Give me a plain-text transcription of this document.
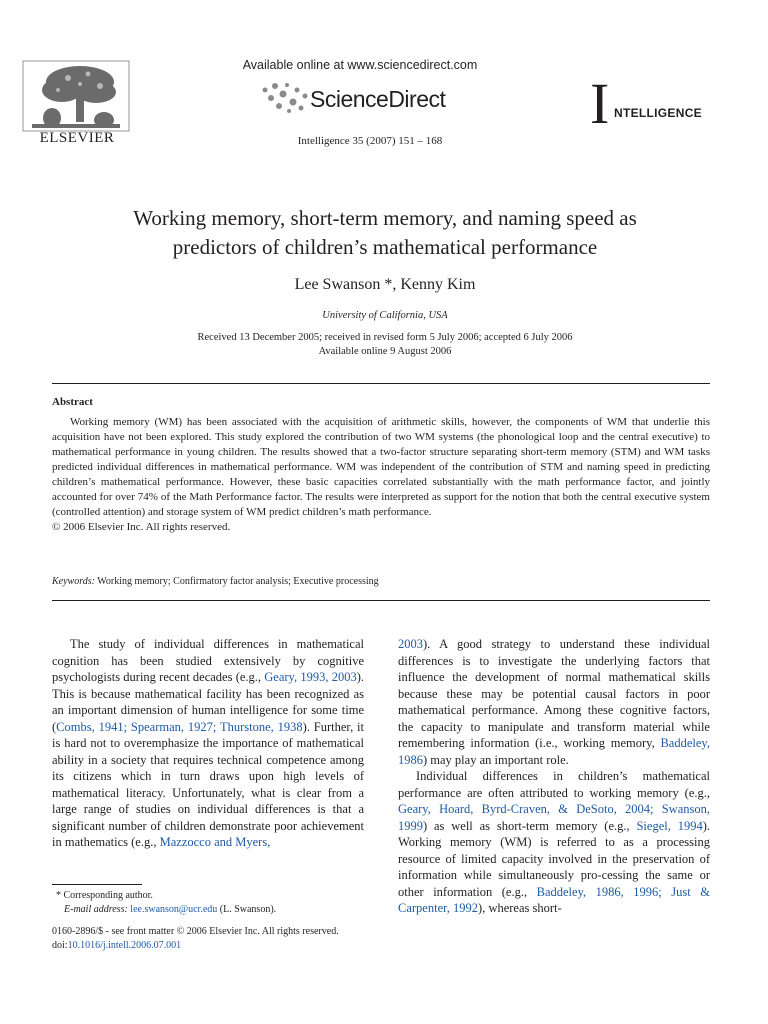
ELSEVIER
Available online at www.sciencedirect.com
ScienceDirect
Intelligence 35 (2007) 151 – 168
I NTELLIGENCE
Working memory, short-term memory, and naming speed as
predictors of children’s mathematical performance
Lee Swanson *, Kenny Kim
University of California, USA
Received 13 December 2005; received in revised form 5 July 2006; accepted 6 July 2006
Available online 9 August 2006
Abstract

Working memory (WM) has been associated with the acquisition of arithmetic skills, however, the components of WM that underlie this acquisition have not been explored. This study explored the contribution of two WM systems (the phonological loop and the central executive) to mathematical performance in young children. The results showed that a two-factor structure separating short-term memory (STM) and WM tasks predicted individual differences in mathematical performance. WM was independent of the contribution of STM and naming speed in predicting children’s mathematical performance. However, these basic capacities correlated substantially with the math performance factor, and jointly accounted for over 74% of the Math Performance factor. The results were interpreted as support for the notion that both the central executive system (controlled attention) and storage system of WM predict children’s math performance.

© 2006 Elsevier Inc. All rights reserved.

Keywords: Working memory; Confirmatory factor analysis; Executive processing

The study of individual differences in mathematical cognition has been studied extensively by cognitive psychologists during recent decades (e.g., Geary, 1993, 2003). This is because mathematical facility has been recognized as an important dimension of human intelligence for some time (Combs, 1941; Spearman, 1927; Thurstone, 1938). Further, it is hard not to overemphasize the importance of mathematical ability in a society that requires technical competence among its citizens which in turn draws upon high levels of mathematical literacy. Unfortunately, what is clear from a large range of studies on individual differences is that a significant number of children demonstrate poor achievement in mathematics (e.g., Mazzocco and Myers,

2003). A good strategy to understand these individual differences is to investigate the underlying factors that influence the development of normal mathematical skills because these may be potential causal factors in poor mathematical performance. Among these cognitive factors, the capacity to manipulate and transform material while remembering information (i.e., working memory, Baddeley, 1986) may play an important role.

Individual differences in children’s mathematical performance are often attributed to working memory (e.g., Geary, Hoard, Byrd-Craven, & DeSoto, 2004; Swanson, 1999) as well as short-term memory (e.g., Siegel, 1994). Working memory (WM) is referred to as a processing resource of limited capacity involved in the preservation of information while simultaneously pro-cessing the same or other information (e.g., Baddeley, 1986, 1996; Just & Carpenter, 1992), whereas short-

* Corresponding author.
E-mail address: lee.swanson@ucr.edu (L. Swanson).
0160-2896/$ - see front matter © 2006 Elsevier Inc. All rights reserved.
doi:10.1016/j.intell.2006.07.001
